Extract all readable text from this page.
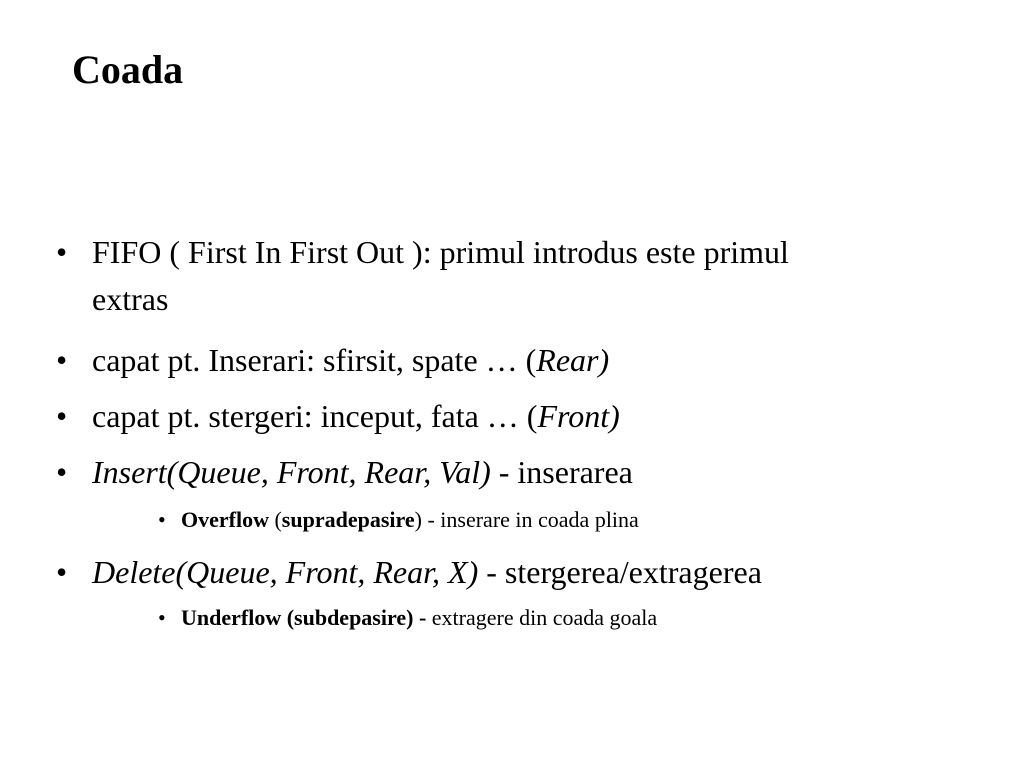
Coada
• FIFO ( First In First Out ): primul introdus este primul
extras
• capat pt. Inserari: sfirsit, spate … (Rear)
• capat pt. stergeri: inceput, fata … (Front)
• Insert(Queue, Front, Rear, Val) - inserarea
• Overflow (supradepasire) - inserare in coada plina
• Delete(Queue, Front, Rear, X) - stergerea/extragerea
• Underflow (subdepasire) - extragere din coada goala
